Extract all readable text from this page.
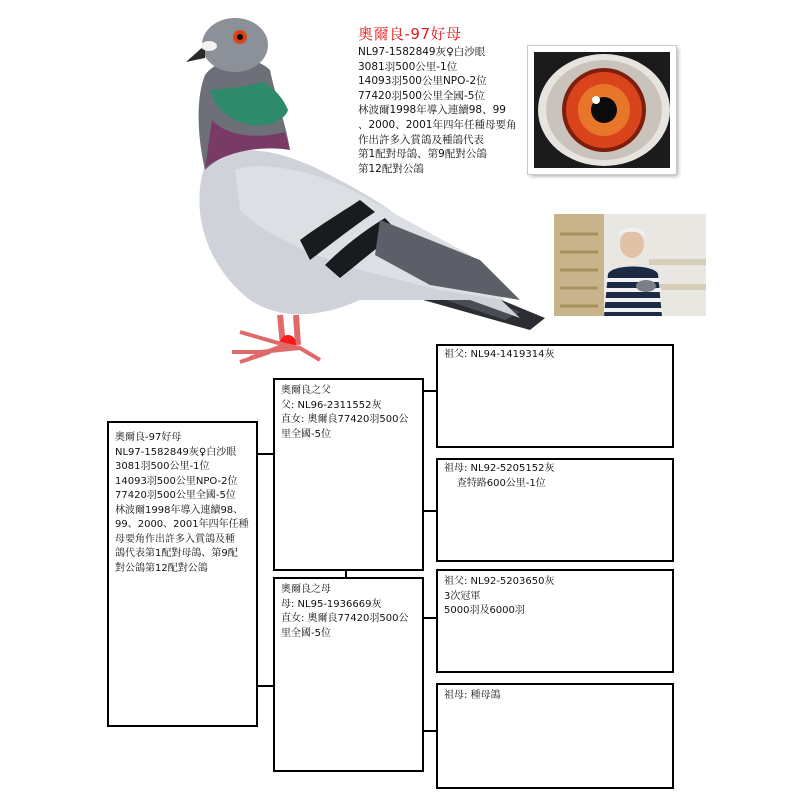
奧爾良-97好母
NL97-1582849灰♀白沙眼
3081羽500公里-1位
14093羽500公里NPO-2位
77420羽500公里全國-5位
林波爾1998年導入連續98、99
、2000、2001年四年任種母要角
作出許多入賞鴿及種鴿代表
第1配對母鴿、第9配對公鴿
第12配對公鴿
奧爾良-97好母
NL97-1582849灰♀白沙眼
3081羽500公里-1位
14093羽500公里NPO-2位
77420羽500公里全國-5位
林波爾1998年導入連續98、
99、2000、2001年四年任種
母要角作出許多入賞鴿及種
鴿代表第1配對母鴿、第9配
對公鴿第12配對公鴿
奧爾良之父
父: NL96-2311552灰
直女: 奧爾良77420羽500公
里全國-5位
奧爾良之母
母: NL95-1936669灰
直女: 奧爾良77420羽500公
里全國-5位
祖父: NL94-1419314灰
祖母: NL92-5205152灰
查特路600公里-1位
祖父: NL92-5203650灰
3次冠軍
5000羽及6000羽
祖母: 種母鴿
